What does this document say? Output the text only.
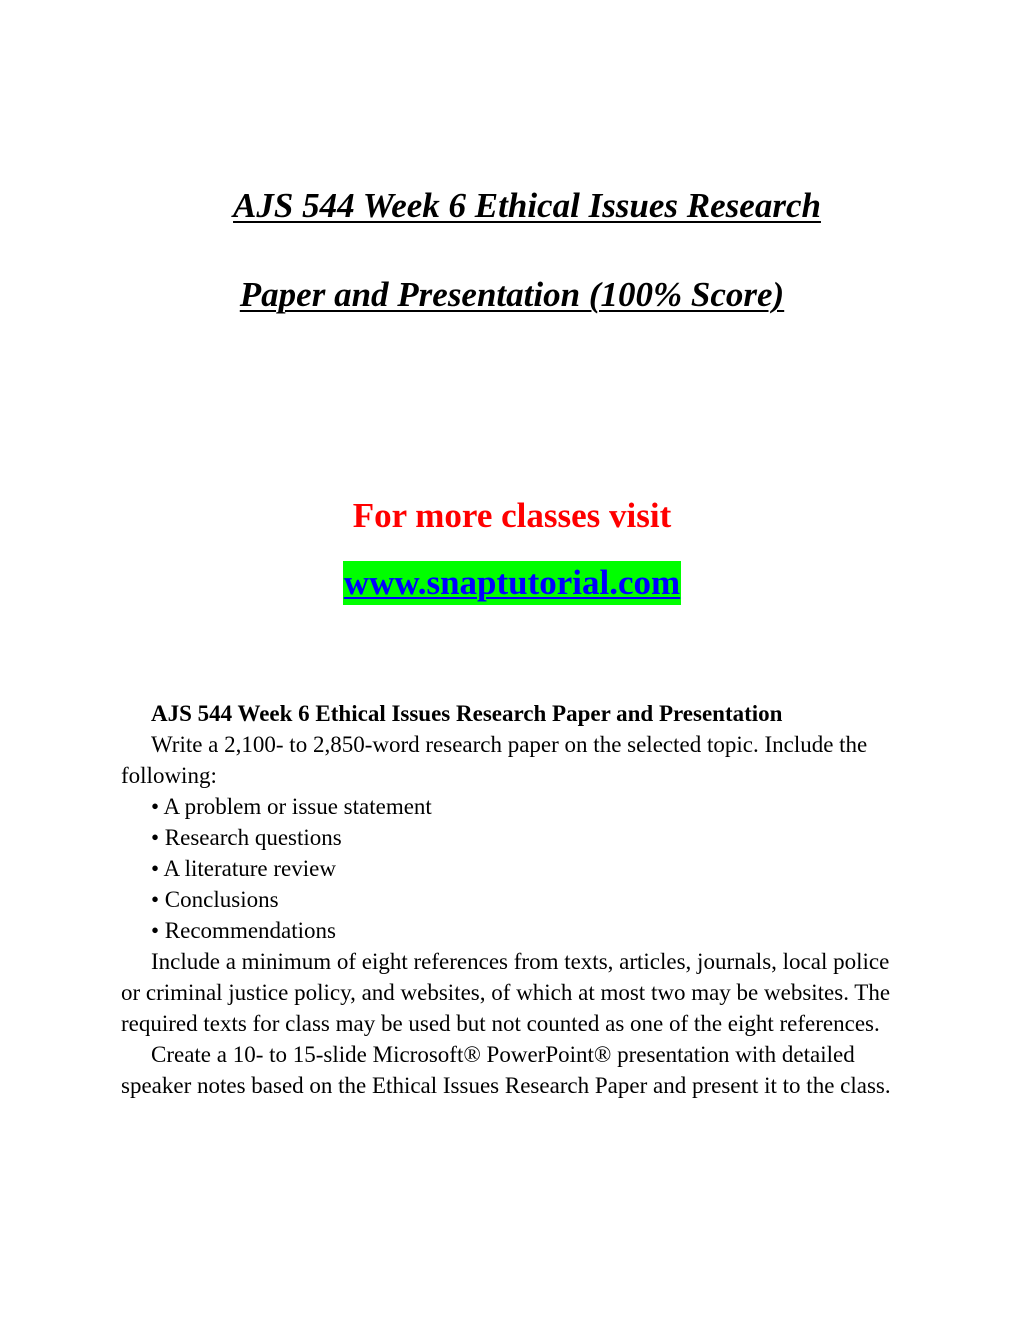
AJS 544 Week 6 Ethical Issues Research
Paper and Presentation (100% Score)
For more classes visit
www.snaptutorial.com

AJS 544 Week 6 Ethical Issues Research Paper and Presentation

Write a 2,100- to 2,850-word research paper on the selected topic. Include the following:

• A problem or issue statement
• Research questions
• A literature review
• Conclusions
• Recommendations

Include a minimum of eight references from texts, articles, journals, local police or criminal justice policy, and websites, of which at most two may be websites. The required texts for class may be used but not counted as one of the eight references.

Create a 10- to 15-slide Microsoft® PowerPoint® presentation with detailed speaker notes based on the Ethical Issues Research Paper and present it to the class.
